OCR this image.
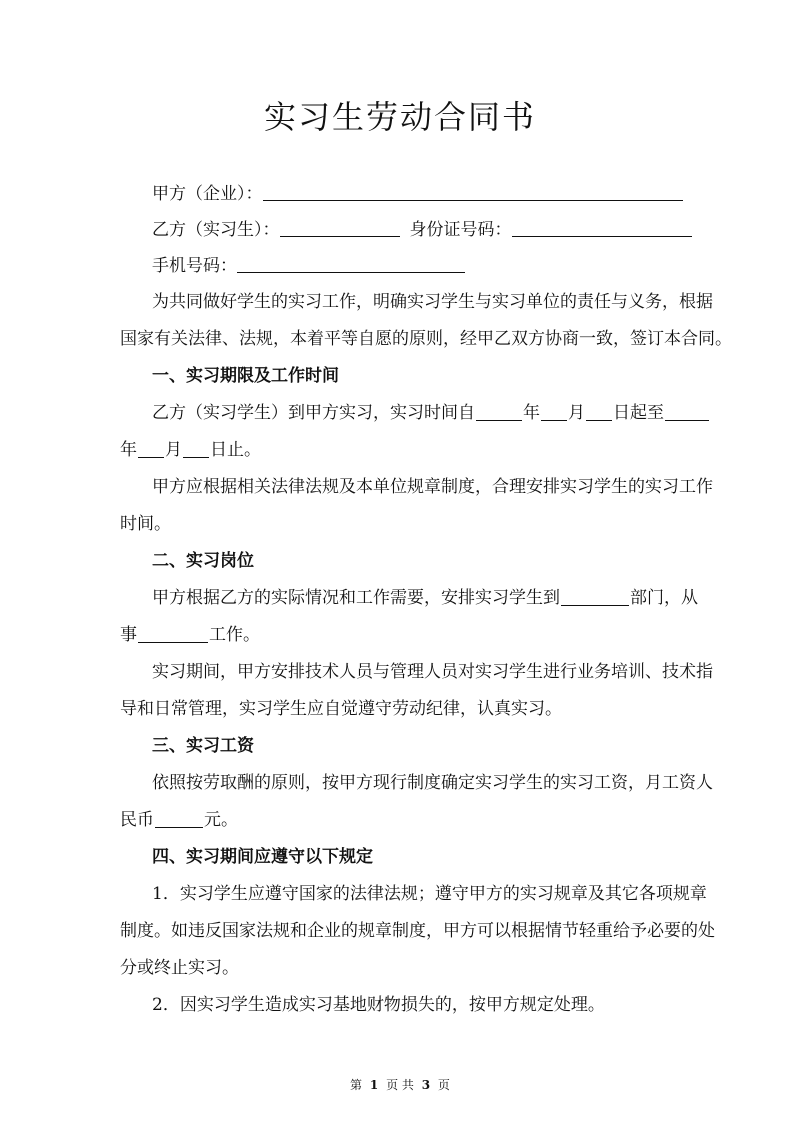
实习生劳动合同书
甲方（企业）：
乙方（实习生）：	身份证号码：
手机号码：
为共同做好学生的实习工作，明确实习学生与实习单位的责任与义务，根据
国家有关法律、法规，本着平等自愿的原则，经甲乙双方协商一致，签订本合同。
一、实习期限及工作时间
乙方（实习学生）到甲方实习，实习时间自	年 月 日起至
年 月 日止。
甲方应根据相关法律法规及本单位规章制度，合理安排实习学生的实习工作
时间。
二、实习岗位
甲方根据乙方的实际情况和工作需要，安排实习学生到	部门，从
事	工作。
实习期间，甲方安排技术人员与管理人员对实习学生进行业务培训、技术指
导和日常管理，实习学生应自觉遵守劳动纪律，认真实习。
三、实习工资
依照按劳取酬的原则，按甲方现行制度确定实习学生的实习工资，月工资人
民币	元。
四、实习期间应遵守以下规定
1．实习学生应遵守国家的法律法规；遵守甲方的实习规章及其它各项规章
制度。如违反国家法规和企业的规章制度，甲方可以根据情节轻重给予必要的处
分或终止实习。
2．因实习学生造成实习基地财物损失的，按甲方规定处理。
第 1 页 共 3 页
